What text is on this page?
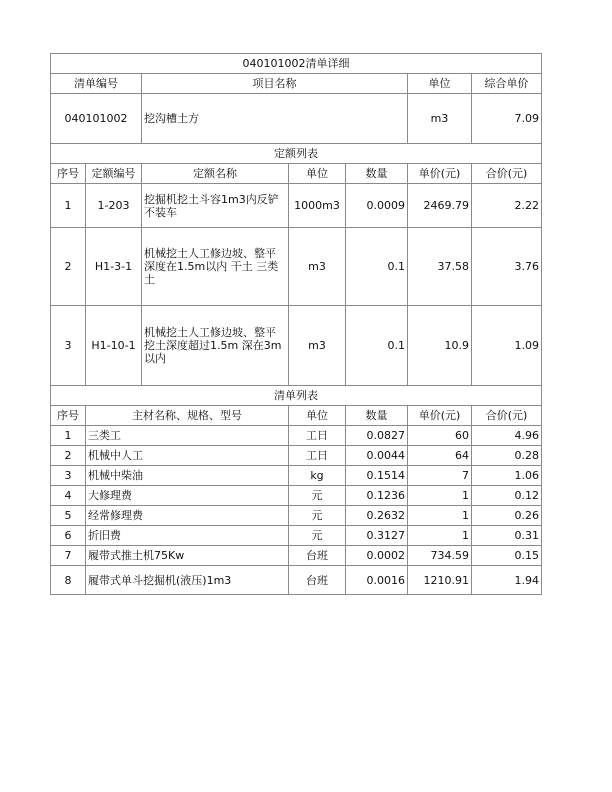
040101002清单详细						
清单编号		项目名称			单位	综合单价
040101002		挖沟槽土方			m3	7.09
定额列表						
序号	定额编号	定额名称	单位	数量	单价(元)	合价(元)
1	1-203	挖掘机挖土斗容1m3内反铲 不装车	1000m3	0.0009	2469.79	2.22
2	H1-3-1	机械挖土人工修边坡、整平 深度在1.5m以内 干土 三类土	m3	0.1	37.58	3.76
3	H1-10-1	机械挖土人工修边坡、整平 挖土深度超过1.5m 深在3m以内	m3	0.1	10.9	1.09
清单列表						
序号	主材名称、规格、型号		单位	数量	单价(元)	合价(元)
1	三类工		工日	0.0827	60	4.96
2	机械中人工		工日	0.0044	64	0.28
3	机械中柴油		kg	0.1514	7	1.06
4	大修理费		元	0.1236	1	0.12
5	经常修理费		元	0.2632	1	0.26
6	折旧费		元	0.3127	1	0.31
7	履带式推土机75Kw		台班	0.0002	734.59	0.15
8	履带式单斗挖掘机(液压)1m3		台班	0.0016	1210.91	1.94
